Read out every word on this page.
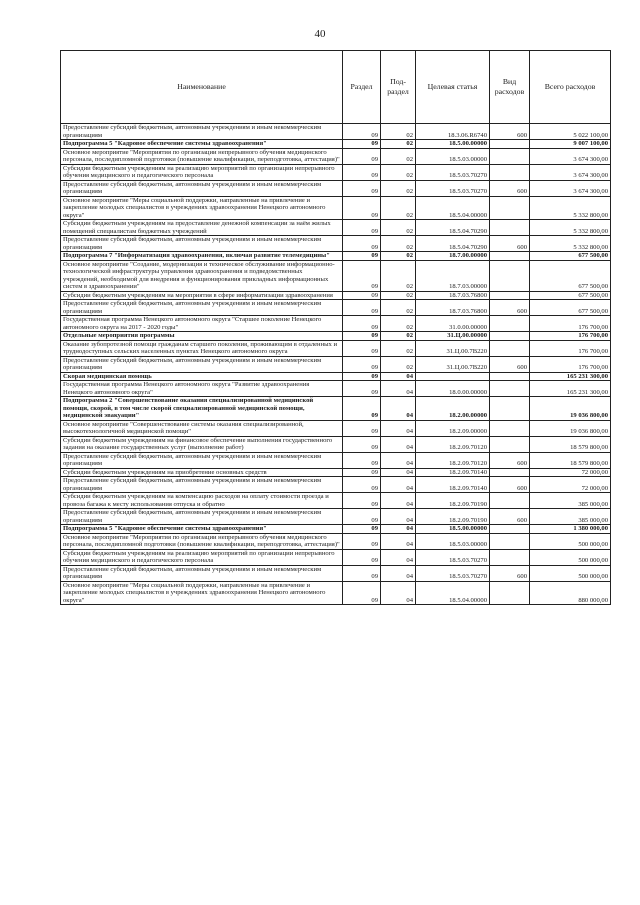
40
Наименование	Раздел	Под-раздел	Целевая статья	Вид расходов	Всего расходов
Предоставление субсидий бюджетным, автономным учреждениям и иным некоммерческим организациям	09	02	18.3.06.R6740	600	5 022 100,00
Подпрограмма 5 "Кадровое обеспечение системы здравоохранения"	09	02	18.5.00.00000		9 007 100,00
Основное мероприятие "Мероприятия по организации непрерывного обучения медицинского персонала, последипломной подготовки (повышение квалификации, переподготовка, аттестация)"	09	02	18.5.03.00000		3 674 300,00
Субсидии бюджетным учреждениям на реализацию мероприятий по организации непрерывного обучения медицинского и педагогического персонала	09	02	18.5.03.70270		3 674 300,00
Предоставление субсидий бюджетным, автономным учреждениям и иным некоммерческим организациям	09	02	18.5.03.70270	600	3 674 300,00
Основное мероприятие "Меры социальной поддержки, направленные на привлечение и закрепление молодых специалистов в учреждениях здравоохранения Ненецкого автономного округа"	09	02	18.5.04.00000		5 332 800,00
Субсидии бюджетным учреждениям на предоставление денежной компенсации за наём жилых помещений специалистам бюджетных учреждений	09	02	18.5.04.70290		5 332 800,00
Предоставление субсидий бюджетным, автономным учреждениям и иным некоммерческим организациям	09	02	18.5.04.70290	600	5 332 800,00
Подпрограмма 7 "Информатизация здравоохранения, включая развитие телемедицины"	09	02	18.7.00.00000		677 500,00
Основное мероприятие "Создание, модернизация и техническое обслуживание информационно-технологической инфраструктуры управления здравоохранения и подведомственных учреждений, необходимой для внедрения и функционирования прикладных информационных систем в здравоохранении"	09	02	18.7.03.00000		677 500,00
Субсидии бюджетным учреждениям на мероприятия в сфере информатизации здравоохранения	09	02	18.7.03.76800		677 500,00
Предоставление субсидий бюджетным, автономным учреждениям и иным некоммерческим организациям	09	02	18.7.03.76800	600	677 500,00
Государственная программа Ненецкого автономного округа "Старшее поколение Ненецкого автономного округа на 2017 - 2020 годы"	09	02	31.0.00.00000		176 700,00
Отдельные мероприятия программы	09	02	31.Ц.00.00000		176 700,00
Оказание зубопротезной помощи гражданам старшего поколения, проживающим в отдаленных и труднодоступных сельских населенных пунктах Ненецкого автономного округа	09	02	31.Ц.00.7В220		176 700,00
Предоставление субсидий бюджетным, автономным учреждениям и иным некоммерческим организациям	09	02	31.Ц.00.7В220	600	176 700,00
Скорая медицинская помощь	09	04			165 231 300,00
Государственная программа Ненецкого автономного округа "Развитие здравоохранения Ненецкого автономного округа"	09	04	18.0.00.00000		165 231 300,00
Подпрограмма 2 "Совершенствование оказания специализированной медицинской помощи, скорой, в том числе скорой специализированной медицинской помощи, медицинской эвакуации"	09	04	18.2.00.00000		19 036 800,00
Основное мероприятие "Совершенствование системы оказания специализированной, высокотехнологичной медицинской помощи"	09	04	18.2.09.00000		19 036 800,00
Субсидии бюджетным учреждениям на финансовое обеспечение выполнения государственного задания на оказание государственных услуг (выполнение работ)	09	04	18.2.09.70120		18 579 800,00
Предоставление субсидий бюджетным, автономным учреждениям и иным некоммерческим организациям	09	04	18.2.09.70120	600	18 579 800,00
Субсидии бюджетным учреждениям на приобретение основных средств	09	04	18.2.09.70140		72 000,00
Предоставление субсидий бюджетным, автономным учреждениям и иным некоммерческим организациям	09	04	18.2.09.70140	600	72 000,00
Субсидии бюджетным учреждениям на компенсацию расходов на оплату стоимости проезда и провоза багажа к месту использования отпуска и обратно	09	04	18.2.09.70190		385 000,00
Предоставление субсидий бюджетным, автономным учреждениям и иным некоммерческим организациям	09	04	18.2.09.70190	600	385 000,00
Подпрограмма 5 "Кадровое обеспечение системы здравоохранения"	09	04	18.5.00.00000		1 380 000,00
Основное мероприятие "Мероприятия по организации непрерывного обучения медицинского персонала, последипломной подготовки (повышение квалификации, переподготовка, аттестация)"	09	04	18.5.03.00000		500 000,00
Субсидии бюджетным учреждениям на реализацию мероприятий по организации непрерывного обучения медицинского и педагогического персонала	09	04	18.5.03.70270		500 000,00
Предоставление субсидий бюджетным, автономным учреждениям и иным некоммерческим организациям	09	04	18.5.03.70270	600	500 000,00
Основное мероприятие "Меры социальной поддержки, направленные на привлечение и закрепление молодых специалистов в учреждениях здравоохранения Ненецкого автономного округа"	09	04	18.5.04.00000		880 000,00
